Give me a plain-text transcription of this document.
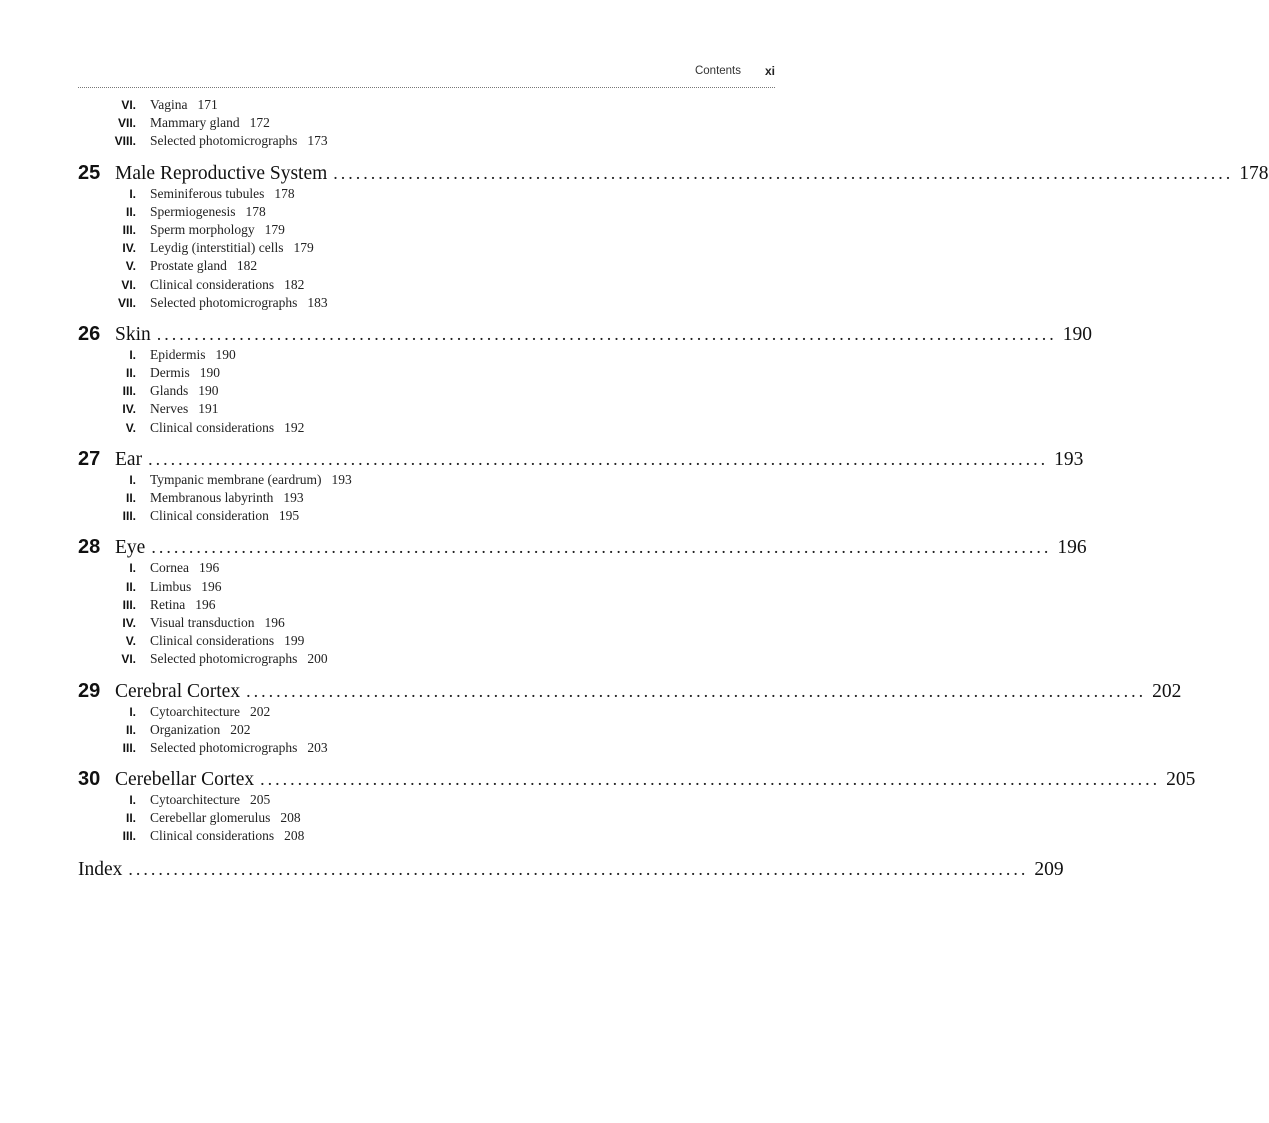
Contents xi
VI.	Vagina 171
VII.	Mammary gland 172
VIII.	Selected photomicrographs 173
25 Male Reproductive System ........................................................................................................................ 178
I.	Seminiferous tubules 178
II.	Spermiogenesis 178
III.	Sperm morphology 179
IV.	Leydig (interstitial) cells 179
V.	Prostate gland 182
VI.	Clinical considerations 182
VII.	Selected photomicrographs 183
26 Skin ........................................................................................................................ 190
I.	Epidermis 190
II.	Dermis 190
III.	Glands 190
IV.	Nerves 191
V.	Clinical considerations 192
27 Ear ........................................................................................................................ 193
I.	Tympanic membrane (eardrum) 193
II.	Membranous labyrinth 193
III.	Clinical consideration 195
28 Eye ........................................................................................................................ 196
I.	Cornea 196
II.	Limbus 196
III.	Retina 196
IV.	Visual transduction 196
V.	Clinical considerations 199
VI.	Selected photomicrographs 200
29 Cerebral Cortex ........................................................................................................................ 202
I.	Cytoarchitecture 202
II.	Organization 202
III.	Selected photomicrographs 203
30 Cerebellar Cortex ........................................................................................................................ 205
I.	Cytoarchitecture 205
II.	Cerebellar glomerulus 208
III.	Clinical considerations 208
Index ........................................................................................................................ 209
